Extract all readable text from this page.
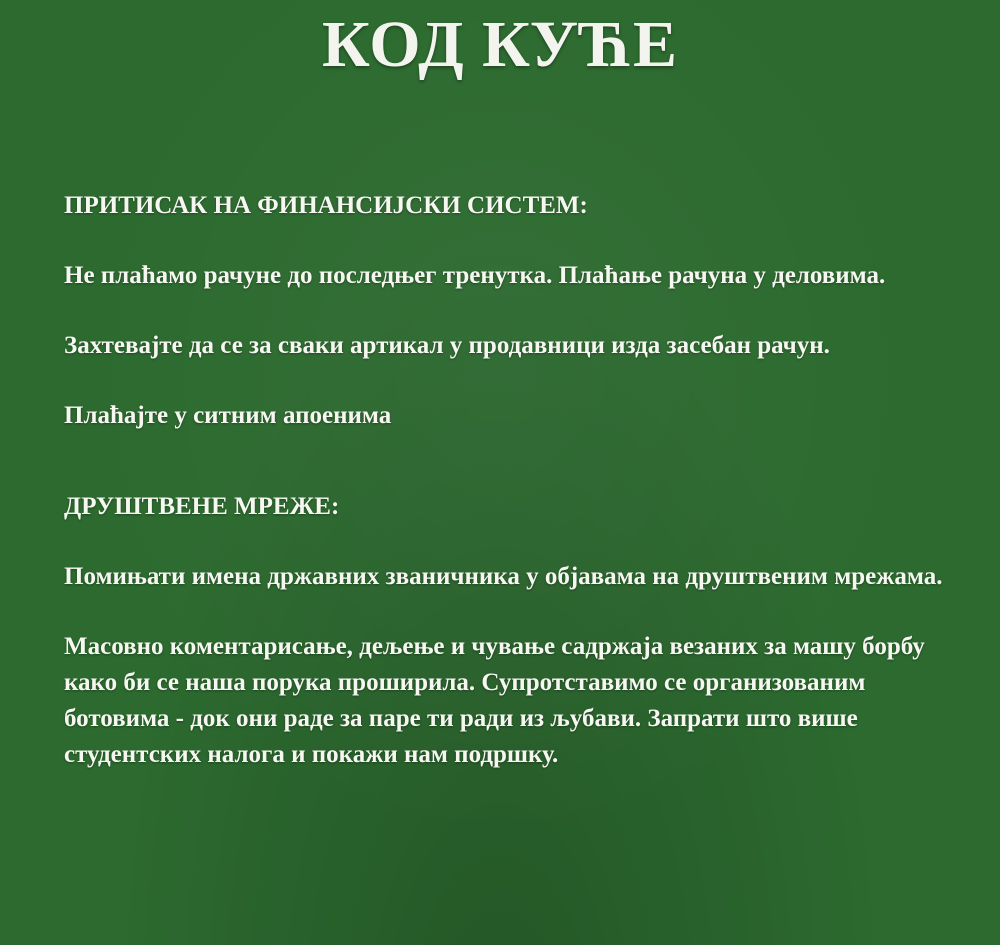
КОД КУЋЕ

ПРИТИСАК НА ФИНАНСИЈСКИ СИСТЕМ:

Не плаћамо рачуне до последњег тренутка. Плаћање рачуна у деловима.

Захтевајте да се за сваки артикал у продавници изда засебан рачун.

Плаћајте у ситним апоенима

ДРУШТВЕНЕ МРЕЖЕ:

Помињати имена државних званичника у објавама на друштвеним мрежама.

Масовно коментарисање, дељење и чување садржаја везаних за машу борбу како би се наша порука проширила. Супротставимо се организованим ботовима - док они раде за паре ти ради из љубави. Запрати што више студентских налога и покажи нам подршку.
